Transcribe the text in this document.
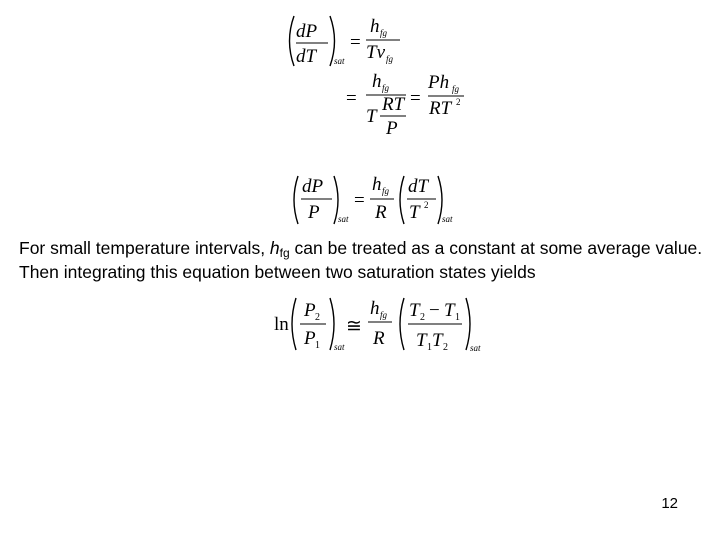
dP
dT sat
=
h fg
Tv fg
=
h fg
RT
T
P
=
Ph fg
RT 2
dP
P sat
=
h fg
R
dT
T 2
sat

For small temperature intervals, $h_{fg}$ can be treated as a constant at some average value. Then integrating this equation between two saturation states yields

ln
P 2
P 1 sat
≅
h fg
R
T 2 − T 1
T 1 T 2 sat
12
